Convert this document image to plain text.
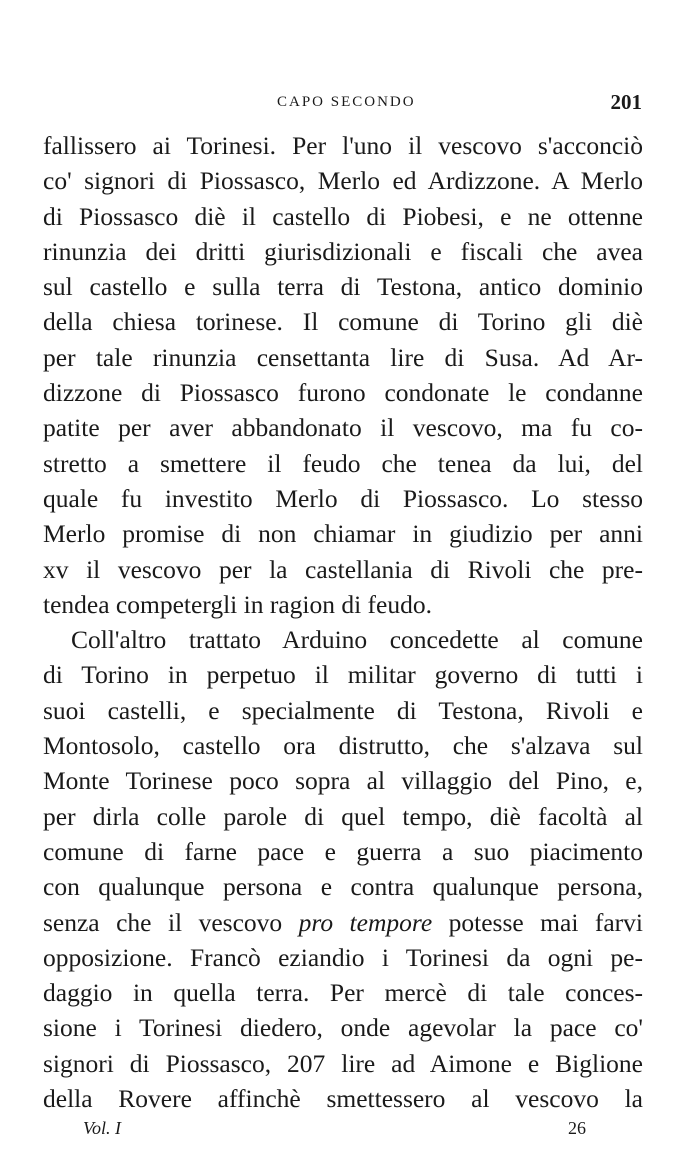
CAPO SECONDO	201
fallissero ai Torinesi. Per l'uno il vescovo s'acconciò
co' signori di Piossasco, Merlo ed Ardizzone. A Merlo
di Piossasco diè il castello di Piobesi, e ne ottenne
rinunzia dei dritti giurisdizionali e fiscali che avea
sul castello e sulla terra di Testona, antico dominio
della chiesa torinese. Il comune di Torino gli diè
per tale rinunzia censettanta lire di Susa. Ad Ar-
dizzone di Piossasco furono condonate le condanne
patite per aver abbandonato il vescovo, ma fu co-
stretto a smettere il feudo che tenea da lui, del
quale fu investito Merlo di Piossasco. Lo stesso
Merlo promise di non chiamar in giudizio per anni
xv il vescovo per la castellania di Rivoli che pre-
tendea competergli in ragion di feudo.
Coll'altro trattato Arduino concedette al comune
di Torino in perpetuo il militar governo di tutti i
suoi castelli, e specialmente di Testona, Rivoli e
Montosolo, castello ora distrutto, che s'alzava sul
Monte Torinese poco sopra al villaggio del Pino, e,
per dirla colle parole di quel tempo, diè facoltà al
comune di farne pace e guerra a suo piacimento
con qualunque persona e contra qualunque persona,
senza che il vescovo pro tempore potesse mai farvi
opposizione. Francò eziandio i Torinesi da ogni pe-
daggio in quella terra. Per mercè di tale conces-
sione i Torinesi diedero, onde agevolar la pace co'
signori di Piossasco, 207 lire ad Aimone e Biglione
della Rovere affinchè smettessero al vescovo la
Vol. I	26
